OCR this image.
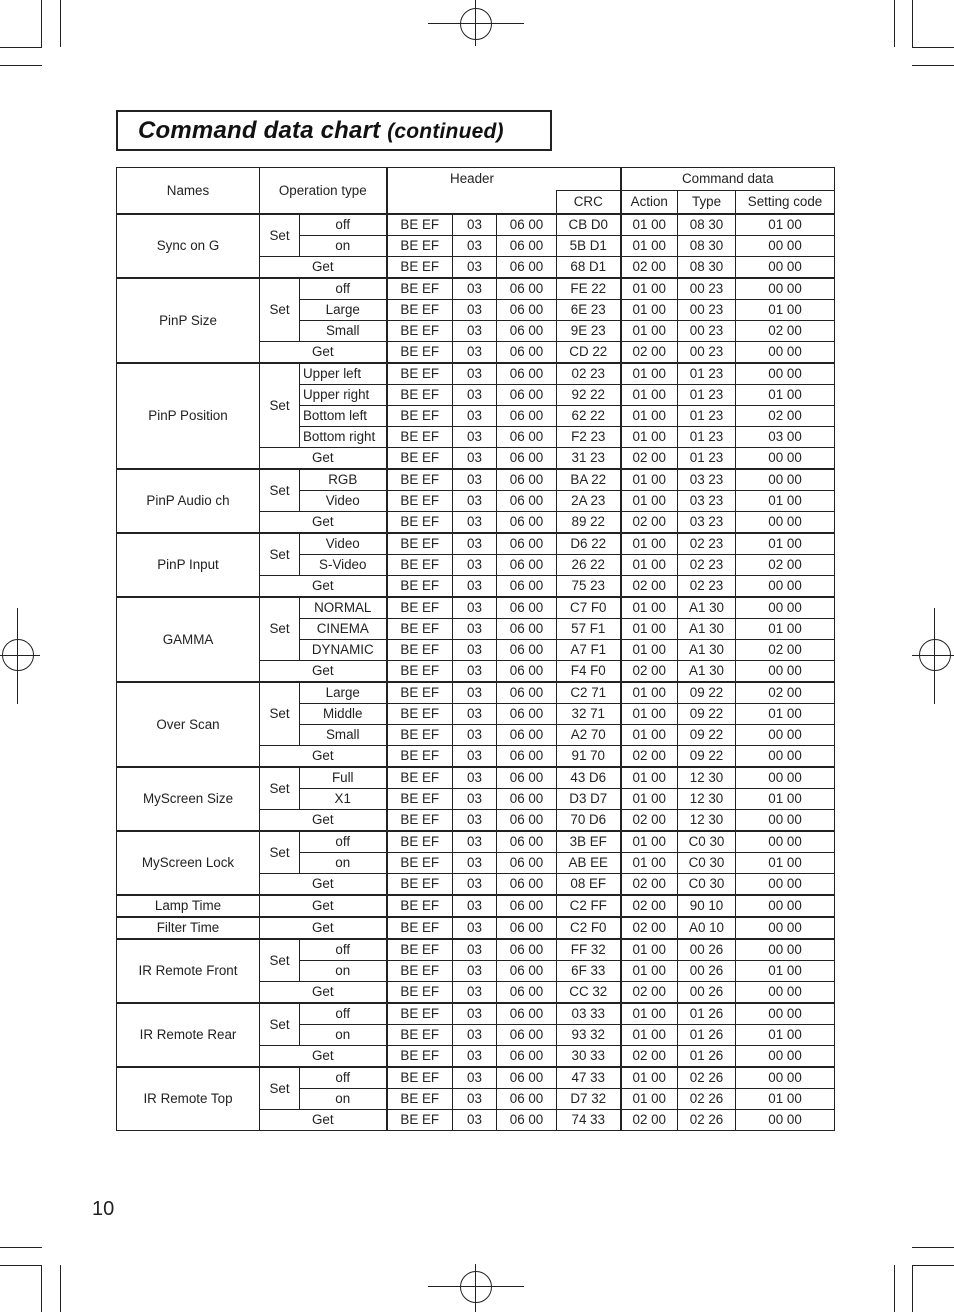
Command data chart (continued)
Names	Operation type		Header				Command data		
						CRC	Action	Type	Setting code
Sync on G	Set	off	BE EF	03	06 00	CB D0	01 00	08 30	01 00
		on	BE EF	03	06 00	5B D1	01 00	08 30	00 00
	Get		BE EF	03	06 00	68 D1	02 00	08 30	00 00
PinP Size	Set	off	BE EF	03	06 00	FE 22	01 00	00 23	00 00
		Large	BE EF	03	06 00	6E 23	01 00	00 23	01 00
		Small	BE EF	03	06 00	9E 23	01 00	00 23	02 00
	Get		BE EF	03	06 00	CD 22	02 00	00 23	00 00
PinP Position	Set	Upper left	BE EF	03	06 00	02 23	01 00	01 23	00 00
		Upper right	BE EF	03	06 00	92 22	01 00	01 23	01 00
		Bottom left	BE EF	03	06 00	62 22	01 00	01 23	02 00
		Bottom right	BE EF	03	06 00	F2 23	01 00	01 23	03 00
	Get		BE EF	03	06 00	31 23	02 00	01 23	00 00
PinP Audio ch	Set	RGB	BE EF	03	06 00	BA 22	01 00	03 23	00 00
		Video	BE EF	03	06 00	2A 23	01 00	03 23	01 00
	Get		BE EF	03	06 00	89 22	02 00	03 23	00 00
PinP Input	Set	Video	BE EF	03	06 00	D6 22	01 00	02 23	01 00
		S-Video	BE EF	03	06 00	26 22	01 00	02 23	02 00
	Get		BE EF	03	06 00	75 23	02 00	02 23	00 00
GAMMA	Set	NORMAL	BE EF	03	06 00	C7 F0	01 00	A1 30	00 00
		CINEMA	BE EF	03	06 00	57 F1	01 00	A1 30	01 00
		DYNAMIC	BE EF	03	06 00	A7 F1	01 00	A1 30	02 00
	Get		BE EF	03	06 00	F4 F0	02 00	A1 30	00 00
Over Scan	Set	Large	BE EF	03	06 00	C2 71	01 00	09 22	02 00
		Middle	BE EF	03	06 00	32 71	01 00	09 22	01 00
		Small	BE EF	03	06 00	A2 70	01 00	09 22	00 00
	Get		BE EF	03	06 00	91 70	02 00	09 22	00 00
MyScreen Size	Set	Full	BE EF	03	06 00	43 D6	01 00	12 30	00 00
		X1	BE EF	03	06 00	D3 D7	01 00	12 30	01 00
	Get		BE EF	03	06 00	70 D6	02 00	12 30	00 00
MyScreen Lock	Set	off	BE EF	03	06 00	3B EF	01 00	C0 30	00 00
		on	BE EF	03	06 00	AB EE	01 00	C0 30	01 00
	Get		BE EF	03	06 00	08 EF	02 00	C0 30	00 00
Lamp Time	Get		BE EF	03	06 00	C2 FF	02 00	90 10	00 00
Filter Time	Get		BE EF	03	06 00	C2 F0	02 00	A0 10	00 00
IR Remote Front	Set	off	BE EF	03	06 00	FF 32	01 00	00 26	00 00
		on	BE EF	03	06 00	6F 33	01 00	00 26	01 00
	Get		BE EF	03	06 00	CC 32	02 00	00 26	00 00
IR Remote Rear	Set	off	BE EF	03	06 00	03 33	01 00	01 26	00 00
		on	BE EF	03	06 00	93 32	01 00	01 26	01 00
	Get		BE EF	03	06 00	30 33	02 00	01 26	00 00
IR Remote Top	Set	off	BE EF	03	06 00	47 33	01 00	02 26	00 00
		on	BE EF	03	06 00	D7 32	01 00	02 26	01 00
	Get		BE EF	03	06 00	74 33	02 00	02 26	00 00
10
